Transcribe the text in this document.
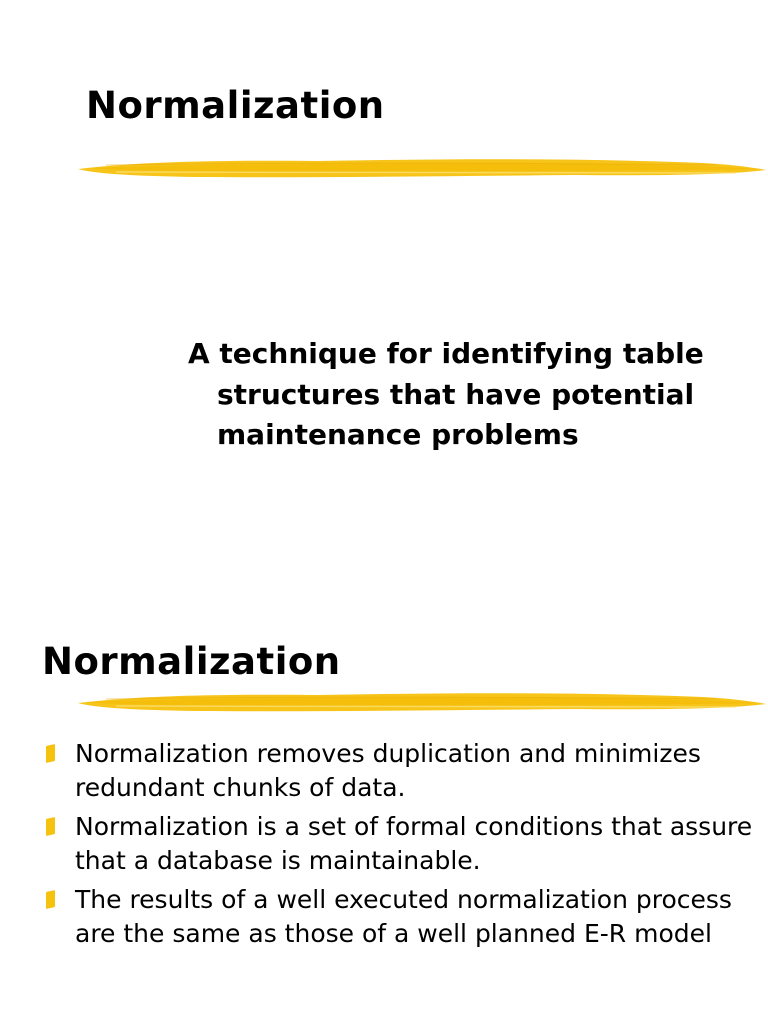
Normalization

A technique for identifying table structures that have potential maintenance problems

Normalization
Normalization removes duplication and minimizes redundant chunks of data.
Normalization is a set of formal conditions that assure that a database is maintainable.
The results of a well executed normalization process are the same as those of a well planned E-R model
